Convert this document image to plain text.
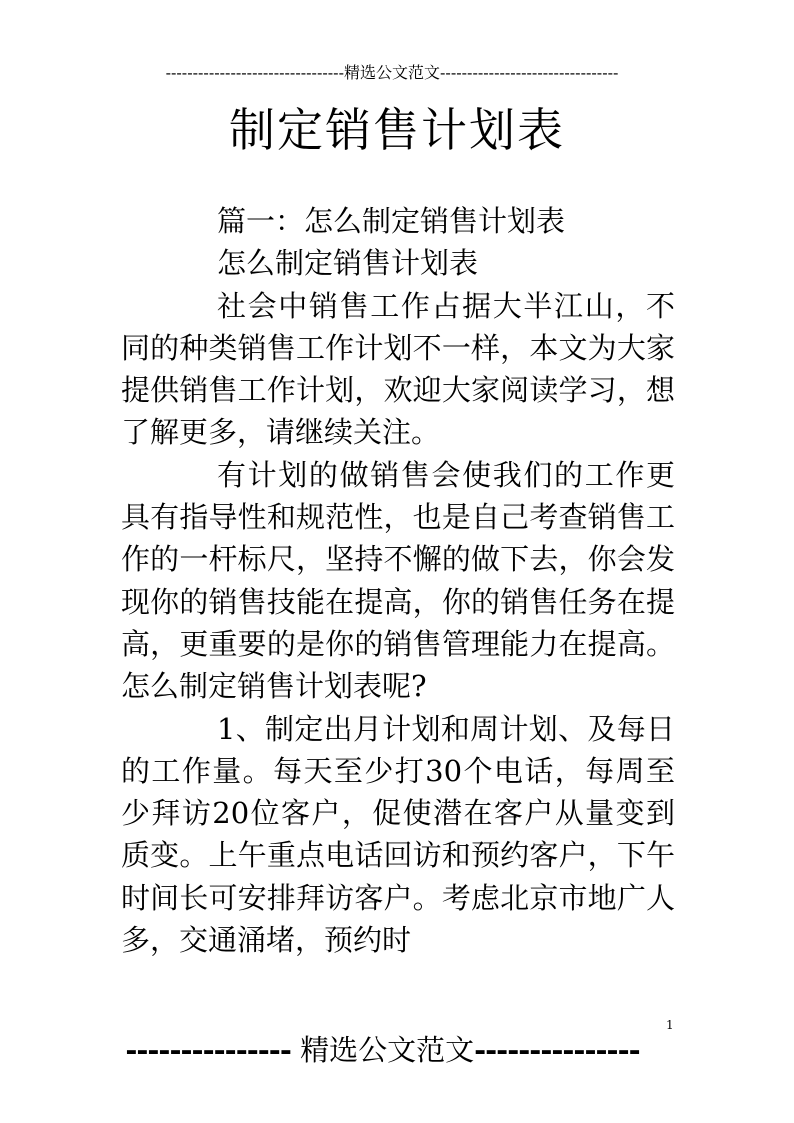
---------------------------------精选公文范文---------------------------------
制定销售计划表

篇一：怎么制定销售计划表

怎么制定销售计划表

社会中销售工作占据大半江山，不同的种类销售工作计划不一样，本文为大家提供销售工作计划，欢迎大家阅读学习，想了解更多，请继续关注。

有计划的做销售会使我们的工作更具有指导性和规范性，也是自己考查销售工作的一杆标尺，坚持不懈的做下去，你会发现你的销售技能在提高，你的销售任务在提高，更重要的是你的销售管理能力在提高。怎么制定销售计划表呢?

1、制定出月计划和周计划、及每日的工作量。每天至少打30个电话，每周至少拜访20位客户，促使潜在客户从量变到质变。上午重点电话回访和预约客户，下午时间长可安排拜访客户。考虑北京市地广人多，交通涌堵，预约时

1
--------------- 精选公文范文---------------
